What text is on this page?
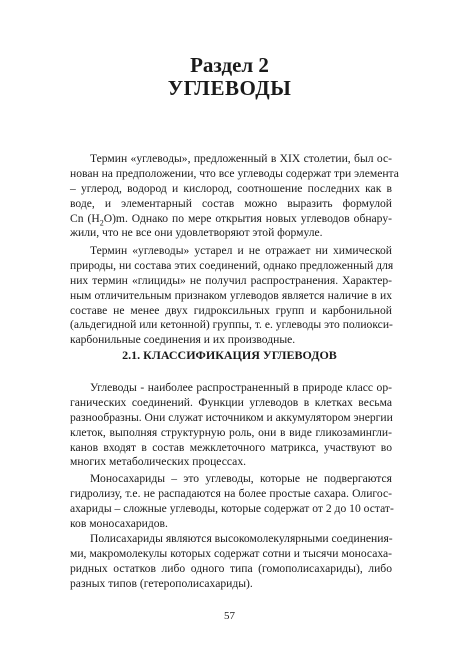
Раздел 2
УГЛЕВОДЫ
Термин «углеводы», предложенный в XIX столетии, был ос-
нован на предположении, что все углеводы содержат три элемента
– углерод, водород и кислород, соотношение последних как в
воде, и элементарный состав можно выразить формулой
Cn $(H_2O)m$. Однако по мере открытия новых углеводов обнару-
жили, что не все они удовлетворяют этой формуле.
Термин «углеводы» устарел и не отражает ни химической
природы, ни состава этих соединений, однако предложенный для
них термин «глициды» не получил распространения. Характер-
ным отличительным признаком углеводов является наличие в их
составе не менее двух гидроксильных групп и карбонильной
(альдегидной или кетонной) группы, т. е. углеводы это полиокси-
карбонильные соединения и их производные.
2.1. КЛАССИФИКАЦИЯ УГЛЕВОДОВ
Углеводы - наиболее распространенный в природе класс ор-
ганических соединений. Функции углеводов в клетках весьма
разнообразны. Они служат источником и аккумулятором энергии
клеток, выполняя структурную роль, они в виде гликозамингли-
канов входят в состав межклеточного матрикса, участвуют во
многих метаболических процессах.
Моносахариды – это углеводы, которые не подвергаются
гидролизу, т.е. не распадаются на более простые сахара. Олигос-
ахариды – сложные углеводы, которые содержат от 2 до 10 остат-
ков моносахаридов.
Полисахариды являются высокомолекулярными соединения-
ми, макромолекулы которых содержат сотни и тысячи моносаха-
ридных остатков либо одного типа (гомополисахариды), либо
разных типов (гетерополисахариды).
57
